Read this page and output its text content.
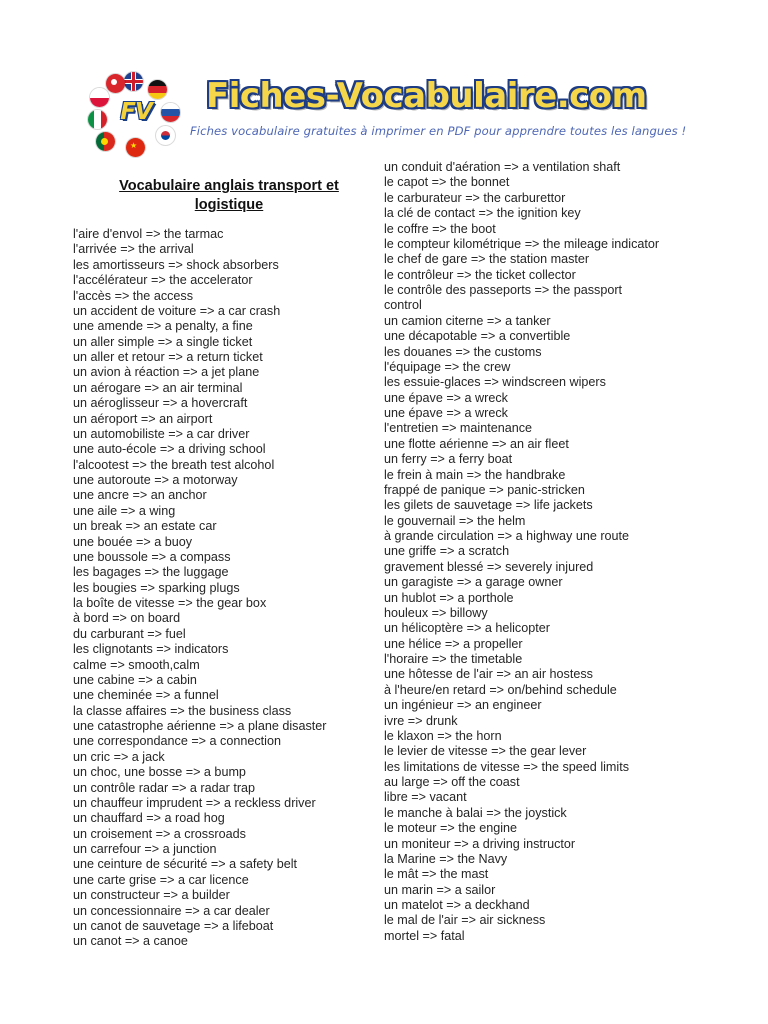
★
FV Fiches-Vocabulaire.com
Fiches vocabulaire gratuites à imprimer en PDF pour apprendre toutes les langues !
Vocabulaire anglais transport et logistique
l'aire d'envol => the tarmac
l'arrivée => the arrival
les amortisseurs => shock absorbers
l'accélérateur => the accelerator
l'accès => the access
un accident de voiture => a car crash
une amende => a penalty, a fine
un aller simple => a single ticket
un aller et retour => a return ticket
un avion à réaction => a jet plane
un aérogare => an air terminal
un aéroglisseur => a hovercraft
un aéroport => an airport
un automobiliste => a car driver
une auto-école => a driving school
l'alcootest => the breath test alcohol
une autoroute => a motorway
une ancre => an anchor
une aile => a wing
un break => an estate car
une bouée => a buoy
une boussole => a compass
les bagages => the luggage
les bougies => sparking plugs
la boîte de vitesse => the gear box
à bord => on board
du carburant => fuel
les clignotants => indicators
calme => smooth,calm
une cabine => a cabin
une cheminée => a funnel
la classe affaires => the business class
une catastrophe aérienne => a plane disaster
une correspondance => a connection
un cric => a jack
un choc, une bosse => a bump
un contrôle radar => a radar trap
un chauffeur imprudent => a reckless driver
un chauffard => a road hog
un croisement => a crossroads
un carrefour => a junction
une ceinture de sécurité => a safety belt
une carte grise => a car licence
un constructeur => a builder
un concessionnaire => a car dealer
un canot de sauvetage => a lifeboat
un canot => a canoe
un conduit d'aération => a ventilation shaft
le capot => the bonnet
le carburateur => the carburettor
la clé de contact => the ignition key
le coffre => the boot
le compteur kilométrique => the mileage indicator
le chef de gare => the station master
le contrôleur => the ticket collector
le contrôle des passeports => the passport
control
un camion citerne => a tanker
une décapotable => a convertible
les douanes => the customs
l'équipage => the crew
les essuie-glaces => windscreen wipers
une épave => a wreck
une épave => a wreck
l'entretien => maintenance
une flotte aérienne => an air fleet
un ferry => a ferry boat
le frein à main => the handbrake
frappé de panique => panic-stricken
les gilets de sauvetage => life jackets
le gouvernail => the helm
à grande circulation => a highway une route
une griffe => a scratch
gravement blessé => severely injured
un garagiste => a garage owner
un hublot => a porthole
houleux => billowy
un hélicoptère => a helicopter
une hélice => a propeller
l'horaire => the timetable
une hôtesse de l'air => an air hostess
à l'heure/en retard => on/behind schedule
un ingénieur => an engineer
ivre => drunk
le klaxon => the horn
le levier de vitesse => the gear lever
les limitations de vitesse => the speed limits
au large => off the coast
libre => vacant
le manche à balai => the joystick
le moteur => the engine
un moniteur => a driving instructor
la Marine => the Navy
le mât => the mast
un marin => a sailor
un matelot => a deckhand
le mal de l'air => air sickness
mortel => fatal
